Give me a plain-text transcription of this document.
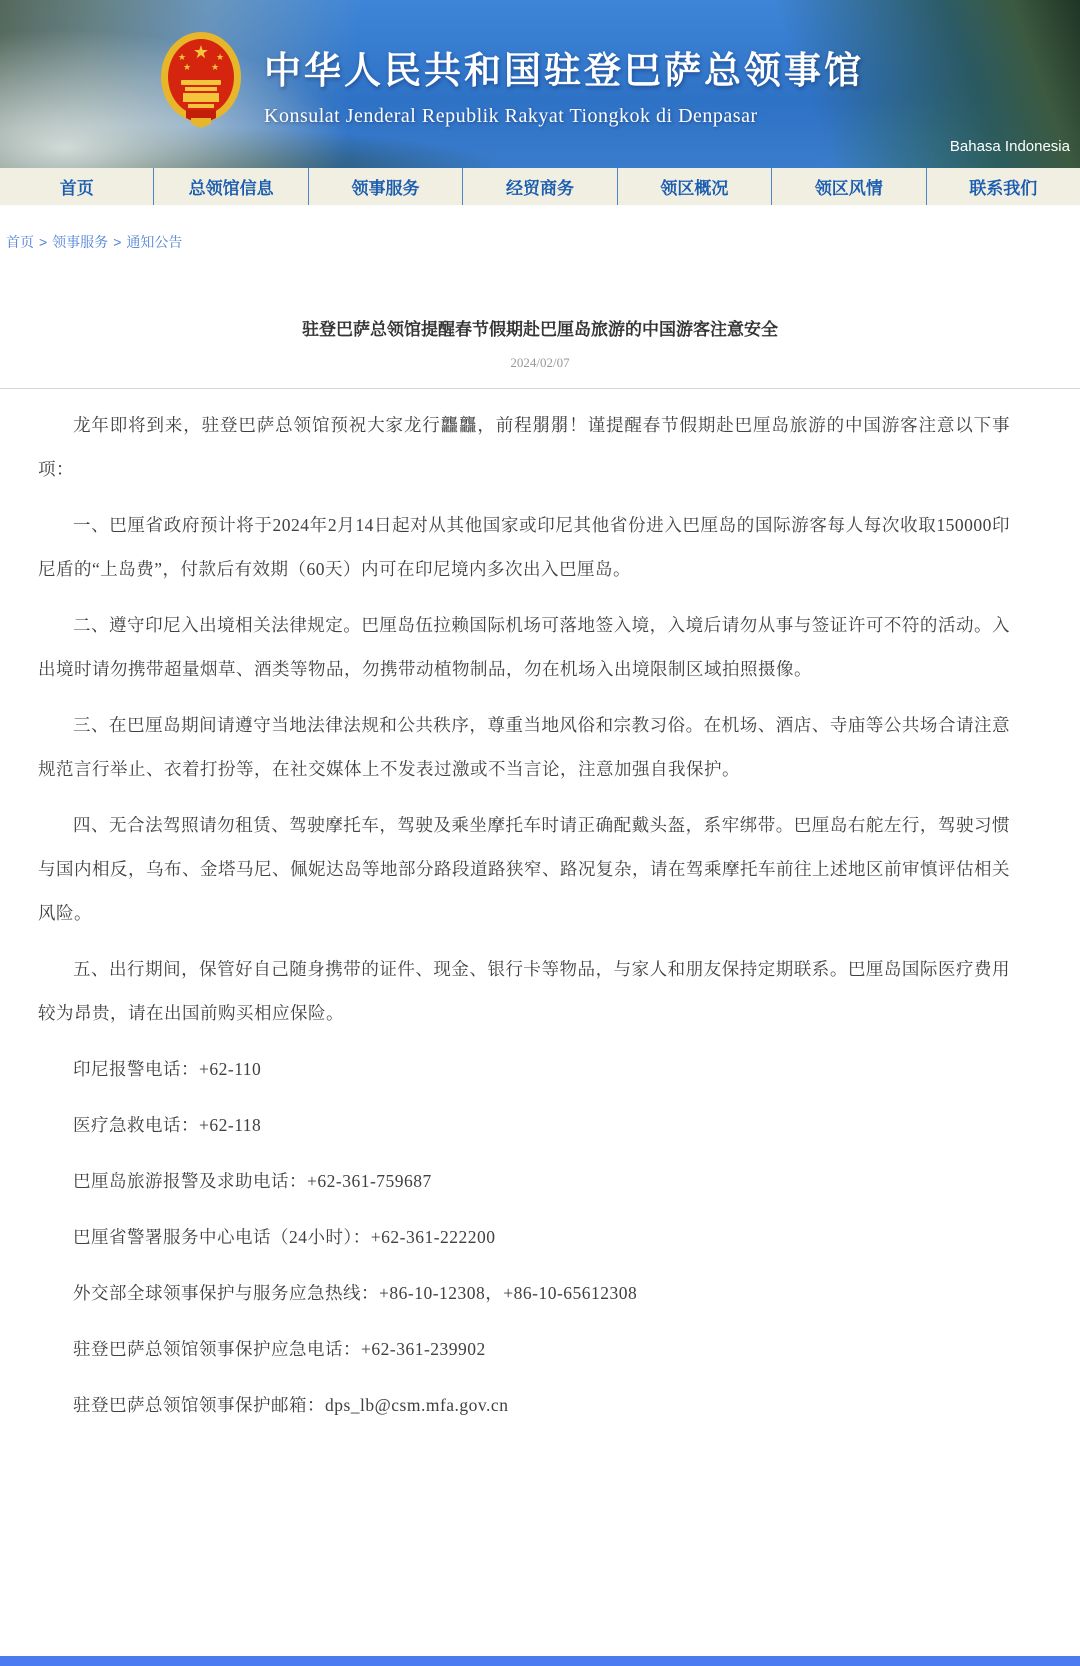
★
★	★
★ ★ 中华人民共和国驻登巴萨总领事馆
Konsulat Jenderal Republik Rakyat Tiongkok di Denpasar
Bahasa Indonesia
首页	总领馆信息	领事服务	经贸商务	领区概况	领区风情	联系我们
首页 > 领事服务 > 通知公告
驻登巴萨总领馆提醒春节假期赴巴厘岛旅游的中国游客注意安全
2024/02/07

龙年即将到来，驻登巴萨总领馆预祝大家龙行龘龘，前程朤朤！谨提醒春节假期赴巴厘岛旅游的中国游客注意以下事项：

一、巴厘省政府预计将于2024年2月14日起对从其他国家或印尼其他省份进入巴厘岛的国际游客每人每次收取150000印尼盾的“上岛费”，付款后有效期（60天）内可在印尼境内多次出入巴厘岛。

二、遵守印尼入出境相关法律规定。巴厘岛伍拉赖国际机场可落地签入境，入境后请勿从事与签证许可不符的活动。入出境时请勿携带超量烟草、酒类等物品，勿携带动植物制品，勿在机场入出境限制区域拍照摄像。

三、在巴厘岛期间请遵守当地法律法规和公共秩序，尊重当地风俗和宗教习俗。在机场、酒店、寺庙等公共场合请注意规范言行举止、衣着打扮等，在社交媒体上不发表过激或不当言论，注意加强自我保护。

四、无合法驾照请勿租赁、驾驶摩托车，驾驶及乘坐摩托车时请正确配戴头盔，系牢绑带。巴厘岛右舵左行，驾驶习惯与国内相反，乌布、金塔马尼、佩妮达岛等地部分路段道路狭窄、路况复杂，请在驾乘摩托车前往上述地区前审慎评估相关风险。

五、出行期间，保管好自己随身携带的证件、现金、银行卡等物品，与家人和朋友保持定期联系。巴厘岛国际医疗费用较为昂贵，请在出国前购买相应保险。

印尼报警电话：+62-110

医疗急救电话：+62-118

巴厘岛旅游报警及求助电话：+62-361-759687

巴厘省警署服务中心电话（24小时）：+62-361-222200

外交部全球领事保护与服务应急热线：+86-10-12308，+86-10-65612308

驻登巴萨总领馆领事保护应急电话：+62-361-239902

驻登巴萨总领馆领事保护邮箱：dps_lb@csm.mfa.gov.cn
